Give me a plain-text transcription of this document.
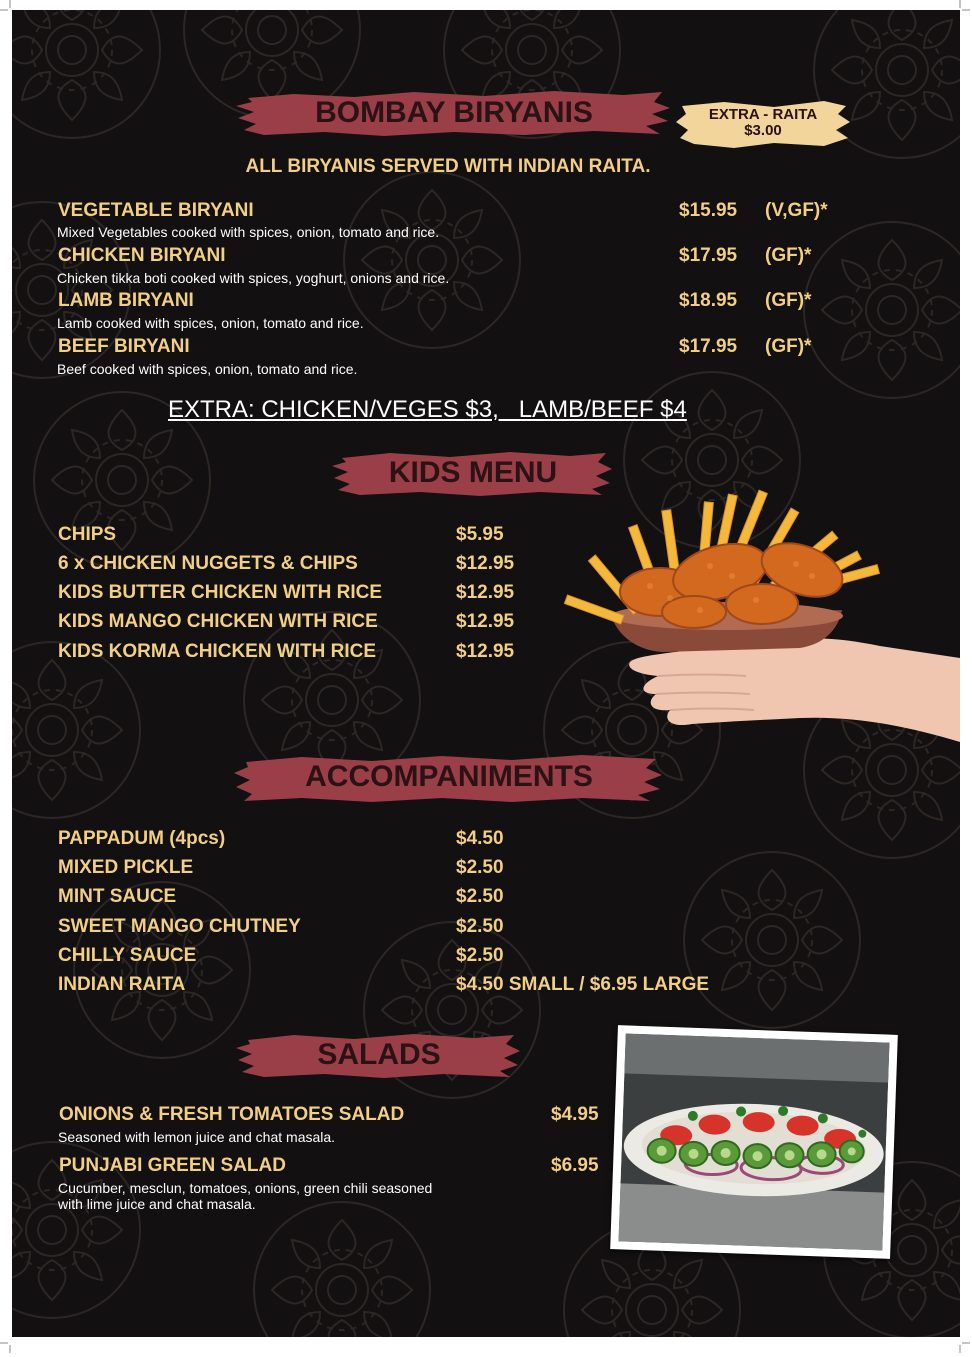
BOMBAY BIRYANIS	EXTRA - RAITA
$3.00
ALL BIRYANIS SERVED WITH INDIAN RAITA.
VEGETABLE BIRYANI	$15.95 (V,GF)*
Mixed Vegetables cooked with spices, onion, tomato and rice.
CHICKEN BIRYANI	$17.95 (GF)*
Chicken tikka boti cooked with spices, yoghurt, onions and rice.
LAMB BIRYANI	$18.95 (GF)*
Lamb cooked with spices, onion, tomato and rice.
BEEF BIRYANI	$17.95 (GF)*
Beef cooked with spices, onion, tomato and rice.
EXTRA: CHICKEN/VEGES $3,   LAMB/BEEF $4
KIDS MENU
CHIPS	$5.95
6 x CHICKEN NUGGETS & CHIPS	$12.95
KIDS BUTTER CHICKEN WITH RICE	$12.95
KIDS MANGO CHICKEN WITH RICE	$12.95
KIDS KORMA CHICKEN WITH RICE	$12.95
ACCOMPANIMENTS
PAPPADUM (4pcs)	$4.50
MIXED PICKLE	$2.50
MINT SAUCE	$2.50
SWEET MANGO CHUTNEY	$2.50
CHILLY SAUCE	$2.50
INDIAN RAITA	$4.50 SMALL / $6.95 LARGE
SALADS
ONIONS & FRESH TOMATOES SALAD	$4.95
Seasoned with lemon juice and chat masala.
PUNJABI GREEN SALAD	$6.95
Cucumber, mesclun, tomatoes, onions, green chili seasoned
with lime juice and chat masala.
